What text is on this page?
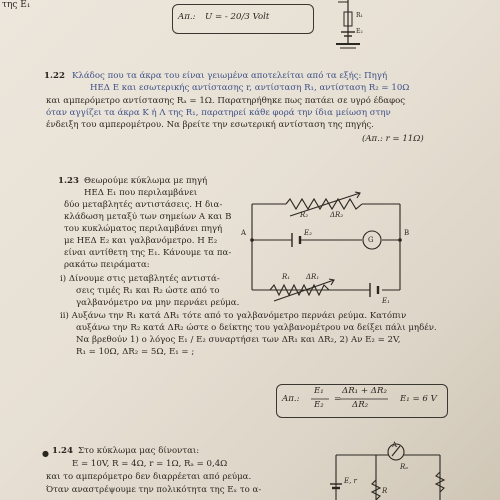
της E₁
Απ.: U = - 20/3 Volt	R₁
E₂
1.22 Κλάδος που τα άκρα του είναι γειωμένα αποτελείται από τα εξής: Πηγή
ΗΕΔ E και εσωτερικής αντίστασης r, αντίσταση R₁, αντίσταση R₂ = 10Ω
και αμπερόμετρο αντίστασης Rₐ = 1Ω. Παρατηρήθηκε πως πατάει σε υγρό έδαφος
όταν αγγίζει τα άκρα Κ ή Λ της R₁, παρατηρεί κάθε φορά την ίδια μείωση στην
ένδειξη του αμπερομέτρου. Να βρείτε την εσωτερική αντίσταση της πηγής.
(Απ.: r = 11Ω)
1.23 Θεωρούμε κύκλωμα με πηγή
ΗΕΔ E₁ που περιλαμβάνει
δύο μεταβλητές αντιστάσεις. Η δια-
κλάδωση μεταξύ των σημείων Α και Β
του κυκλώματος περιλαμβάνει πηγή
με ΗΕΔ E₂ και γαλβανόμετρο. Η E₂
είναι αντίθετη της E₁. Κάνουμε τα πα-
ρακάτω πειράματα:
i) Δίνουμε στις μεταβλητές αντιστά-
σεις τιμές R₁ και R₂ ώστε από το
γαλβανόμετρο να μην περνάει ρεύμα.
ii) Αυξάνω την R₁ κατά ΔR₁ τότε από το γαλβανόμετρο περνάει ρεύμα. Κατόπιν
αυξάνω την R₂ κατά ΔR₂ ώστε ο δείκτης του γαλβανομέτρου να δείξει πάλι μηδέν.
Να βρεθούν 1) ο λόγος E₁ / E₂ συναρτήσει των ΔR₁ και ΔR₂, 2) Αν E₂ = 2V,
R₁ = 10Ω, ΔR₂ = 5Ω, E₁ = ;
Απ.:
E₁
E₂
=
ΔR₁ + ΔR₂
ΔR₂
E₁ = 6 V
R₂	ΔR₂
A	E₂
G
B
R₁ ΔR₁
E₁
● 1.24 Στο κύκλωμα μας δίνονται:
E = 10V, R = 4Ω, r = 1Ω, Rₐ = 0,4Ω
και το αμπερόμετρο δεν διαρρέεται από ρεύμα.
Όταν αναστρέψουμε την πολικότητα της Eₓ το α-
A
Rₐ
E, r
R
